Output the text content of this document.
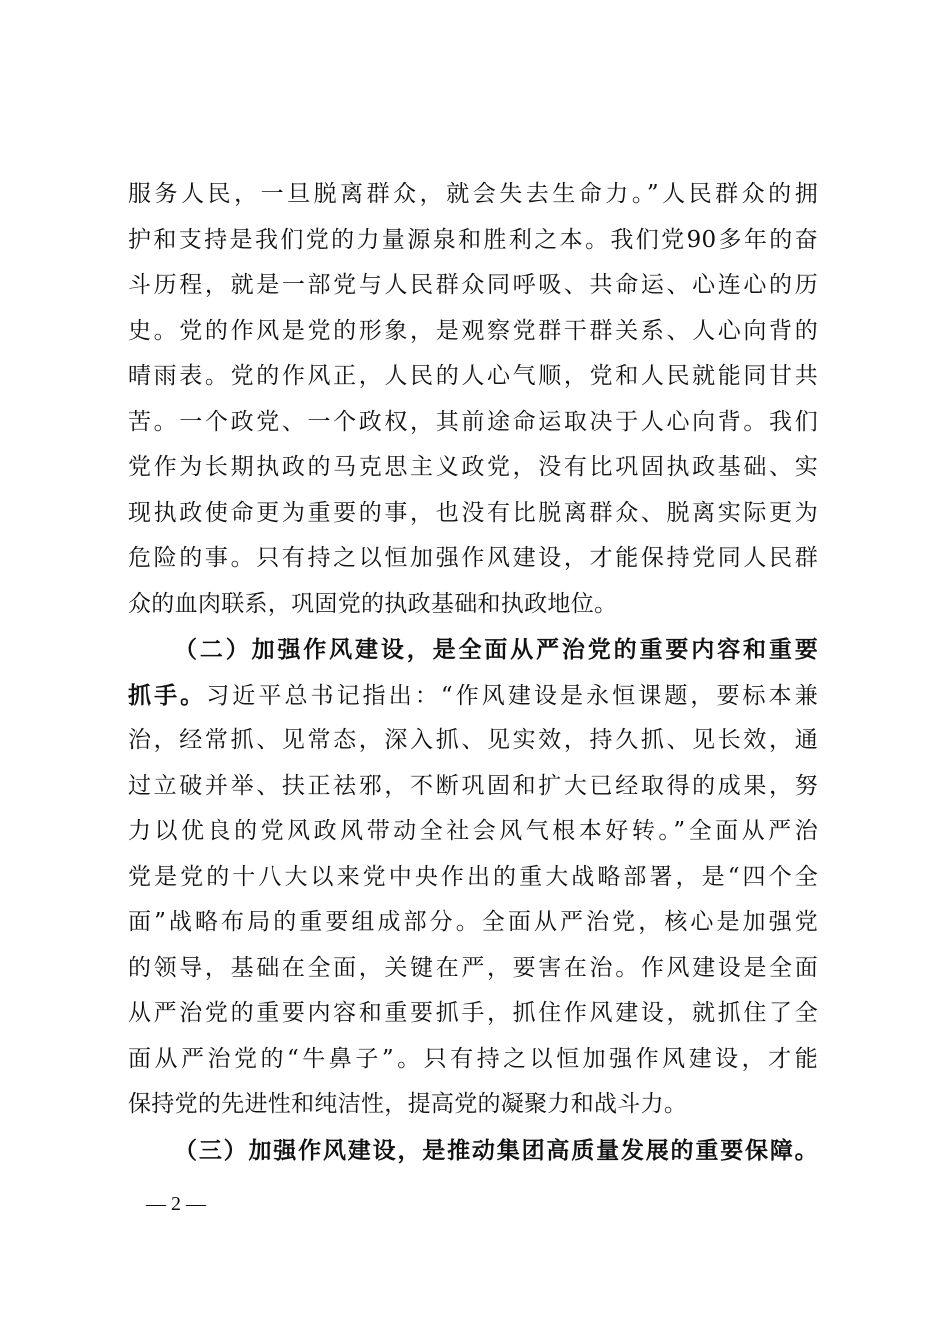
服务人民，一旦脱离群众，就会失去生命力。”人民群众的拥
护和支持是我们党的力量源泉和胜利之本。我们党90多年的奋
斗历程，就是一部党与人民群众同呼吸、共命运、心连心的历
史。党的作风是党的形象，是观察党群干群关系、人心向背的
晴雨表。党的作风正，人民的人心气顺，党和人民就能同甘共
苦。一个政党、一个政权，其前途命运取决于人心向背。我们
党作为长期执政的马克思主义政党，没有比巩固执政基础、实
现执政使命更为重要的事，也没有比脱离群众、脱离实际更为
危险的事。只有持之以恒加强作风建设，才能保持党同人民群
众的血肉联系，巩固党的执政基础和执政地位。
（二）加强作风建设，是全面从严治党的重要内容和重要
抓手。习近平总书记指出：“作风建设是永恒课题，要标本兼
治，经常抓、见常态，深入抓、见实效，持久抓、见长效，通
过立破并举、扶正祛邪，不断巩固和扩大已经取得的成果，努
力以优良的党风政风带动全社会风气根本好转。”全面从严治
党是党的十八大以来党中央作出的重大战略部署，是“四个全
面”战略布局的重要组成部分。全面从严治党，核心是加强党
的领导，基础在全面，关键在严，要害在治。作风建设是全面
从严治党的重要内容和重要抓手，抓住作风建设，就抓住了全
面从严治党的“牛鼻子”。只有持之以恒加强作风建设，才能
保持党的先进性和纯洁性，提高党的凝聚力和战斗力。
（三）加强作风建设，是推动集团高质量发展的重要保障。
— 2 —
